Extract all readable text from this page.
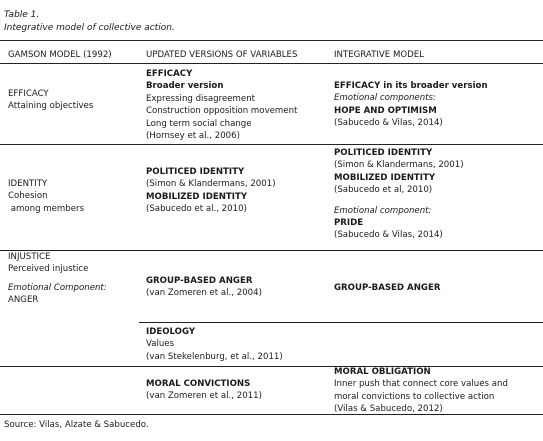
Table 1.
Integrative model of collective action.
GAMSON MODEL (1992)	UPDATED VERSIONS OF VARIABLES	INTEGRATIVE MODEL
EFFICACY
Attaining objectives
EFFICACY
Broader version
Expressing disagreement
Construction opposition movement
Long term social change
(Hornsey et al., 2006)
EFFICACY in its broader version
Emotional components:
HOPE AND OPTIMISM
(Sabucedo & Vilas, 2014)
IDENTITY
Cohesion
among members
POLITICED IDENTITY
(Simon & Klandermans, 2001)
MOBILIZED IDENTITY
(Sabucedo et al., 2010)
POLITICED IDENTITY
(Simon & Klandermans, 2001)
MOBILIZED IDENTITY
(Sabucedo et al, 2010)
Emotional component:
PRIDE
(Sabucedo & Vilas, 2014)
INJUSTICE
Perceived injustice
Emotional Component:
ANGER
GROUP-BASED ANGER
(van Zomeren et al., 2004)
GROUP-BASED ANGER
IDEOLOGY
Values
(van Stekelenburg, et al., 2011)
MORAL CONVICTIONS
(van Zomeren et al., 2011)
MORAL OBLIGATION
Inner push that connect core values and
moral convictions to collective action
(Vilas & Sabucedo, 2012)
Source: Vilas, Alzate & Sabucedo.
